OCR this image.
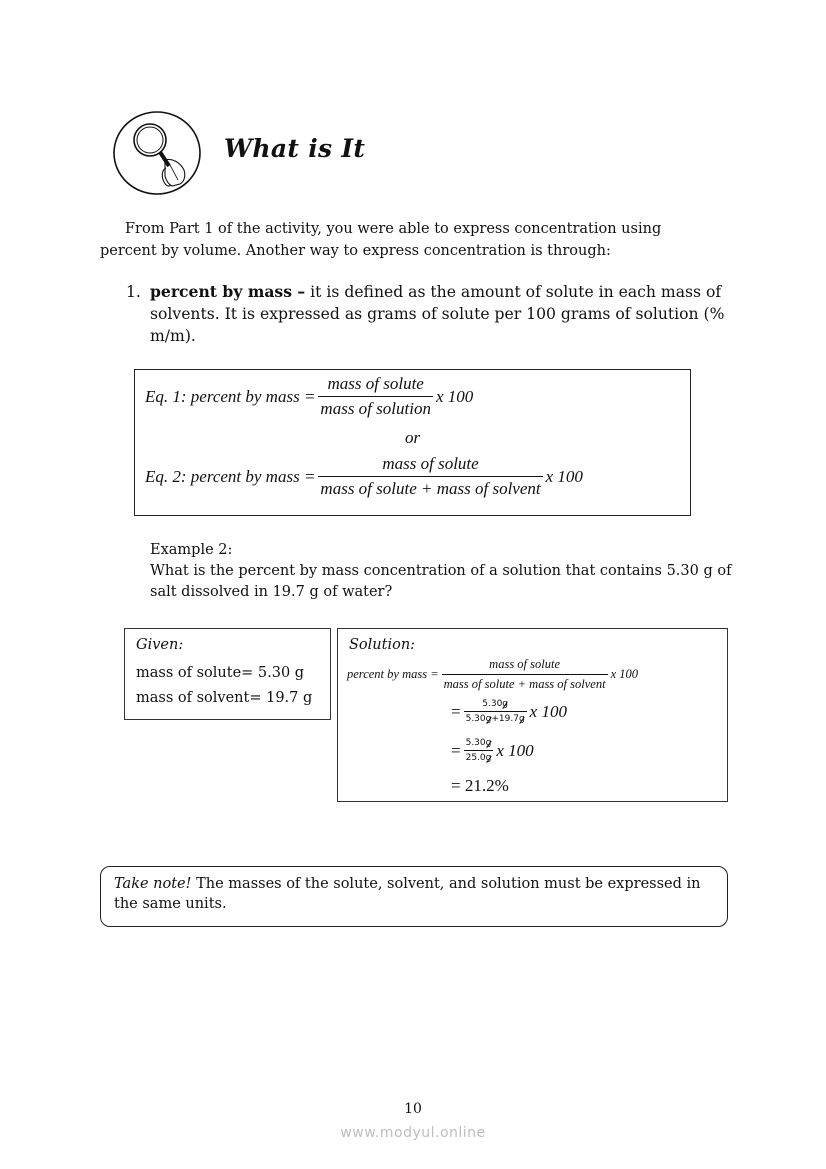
What is It
From Part 1 of the activity, you were able to express concentration using
percent by volume. Another way to express concentration is through:
1. percent by mass – it is defined as the amount of solute in each mass of solvents. It is expressed as grams of solute per 100 grams of solution (% m/m).
Eq. 1: percent by mass = $\frac{\text{mass of solute}}{\text{mass of solution}}$ x 100
or
Eq. 2: percent by mass = $\frac{\text{mass of solute}}{\text{mass of solute + mass of solvent}}$ x 100
Example 2:
What is the percent by mass concentration of a solution that contains 5.30 g of salt dissolved in 19.7 g of water?
Given:
mass of solute= 5.30 g
mass of solvent= 19.7 g
Solution:
percent by mass = $\frac{\text{mass of solute}}{\text{mass of solute + mass of solvent}}$ x 100
= $\frac{5.30g}{5.30g+19.7g}$ x 100
= $\frac{5.30g}{25.0g}$ x 100
= 21.2%
Take note! The masses of the solute, solvent, and solution must be expressed in the same units.
10
www.modyul.online
